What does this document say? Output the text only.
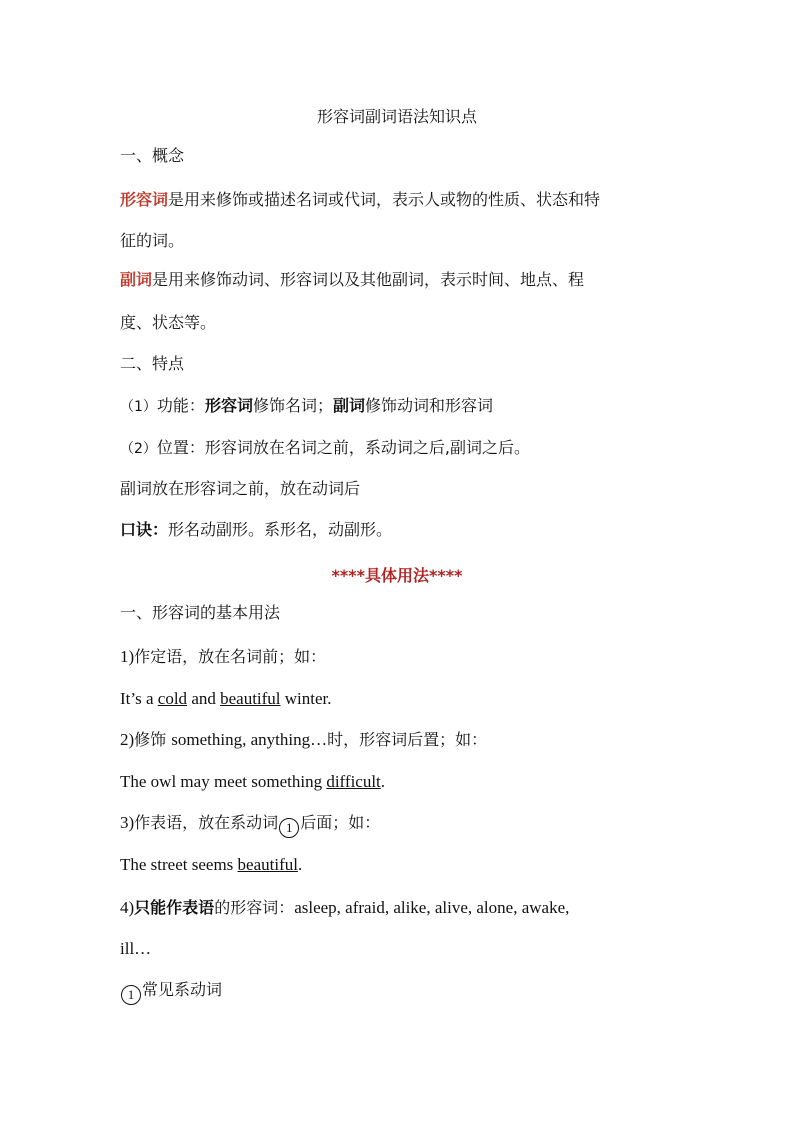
形容词副词语法知识点
一、概念
形容词是用来修饰或描述名词或代词，表示人或物的性质、状态和特
征的词。
副词是用来修饰动词、形容词以及其他副词，表示时间、地点、程
度、状态等。
二、特点
（1）功能：形容词修饰名词；副词修饰动词和形容词
（2）位置：形容词放在名词之前，系动词之后,副词之后。
副词放在形容词之前，放在动词后
口诀：形名动副形。系形名，动副形。
****具体用法****
一、形容词的基本用法
1)作定语，放在名词前；如：
It’s a cold and beautiful winter.
2)修饰 something, anything…时，形容词后置；如：
The owl may meet something difficult.
3)作表语，放在系动词 1 后面；如：
The street seems beautiful.
4)只能作表语的形容词：asleep, afraid, alike, alive, alone, awake,
ill…
1 常见系动词
